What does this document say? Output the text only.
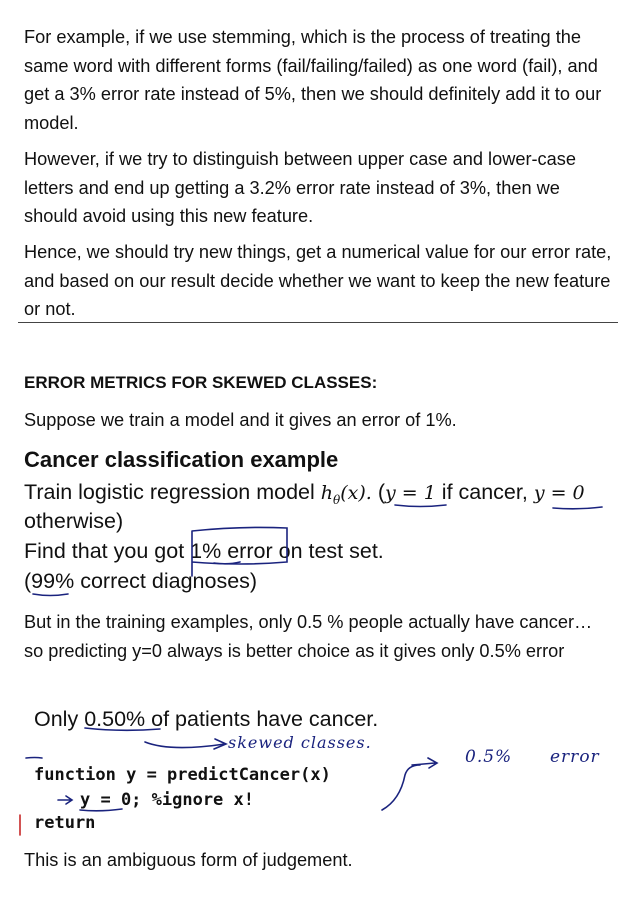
For example, if we use stemming, which is the process of treating the same word with different forms (fail/failing/failed) as one word (fail), and get a 3% error rate instead of 5%, then we should definitely add it to our model.

However, if we try to distinguish between upper case and lower-case letters and end up getting a 3.2% error rate instead of 3%, then we should avoid using this new feature.

Hence, we should try new things, get a numerical value for our error rate, and based on our result decide whether we want to keep the new feature or not.

ERROR METRICS FOR SKEWED CLASSES:

Suppose we train a model and it gives an error of 1%.

Cancer classification example
Train logistic regression model $h_\theta(x)$. (y = 1 if cancer, y = 0
otherwise)
Find that you got 1% error on test set.
(99% correct diagnoses)

But in the training examples, only 0.5 % people actually have cancer… so predicting y=0 always is better choice as it gives only 0.5% error

Only 0.50% of patients have cancer.
function y = predictCancer(x)
y = 0; %ignore x!
return
skewed classes.
0.5% error

This is an ambiguous form of judgement.
